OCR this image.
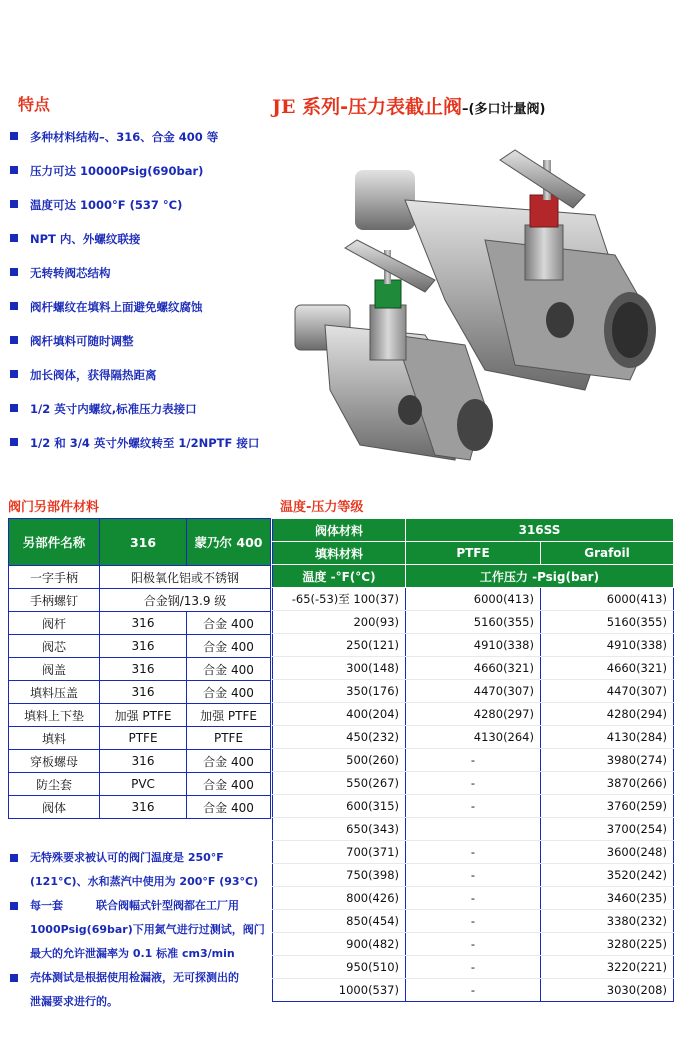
特点	JE 系列-压力表截止阀–(多口计量阀)
多种材料结构–、316、合金 400 等
压力可达 10000Psig(690bar)
温度可达 1000°F (537 °C)
NPT 内、外螺纹联接
无转转阀芯结构
阀杆螺纹在填料上面避免螺纹腐蚀
阀杆填料可随时调整
加长阀体，获得隔热距离
1/2 英寸内螺纹,标准压力表接口
1/2 和 3/4 英寸外螺纹转至 1/2NPTF 接口
阀门另部件材料	温度-压力等级
另部件名称	316	蒙乃尔 400
一字手柄	阳极氧化铝或不锈钢	
手柄螺钉	合金钢/13.9 级	
阀杆	316	合金 400
阀芯	316	合金 400
阀盖	316	合金 400
填料压盖	316	合金 400
填料上下垫	加强 PTFE	加强 PTFE
填料	PTFE	PTFE
穿板螺母	316	合金 400
防尘套	PVC	合金 400
阀体	316	合金 400
阀体材料	316SS	
填料材料	PTFE	Grafoil
温度 -°F(°C)	工作压力 -Psig(bar)	
-65(-53)至 100(37)	6000(413)	6000(413)
200(93)	5160(355)	5160(355)
250(121)	4910(338)	4910(338)
300(148)	4660(321)	4660(321)
350(176)	4470(307)	4470(307)
400(204)	4280(297)	4280(294)
450(232)	4130(264)	4130(284)
500(260)	-	3980(274)
550(267)	-	3870(266)
600(315)	-	3760(259)
650(343)		3700(254)
700(371)	-	3600(248)
750(398)	-	3520(242)
800(426)	-	3460(235)
850(454)	-	3380(232)
900(482)	-	3280(225)
950(510)	-	3220(221)
1000(537)	-	3030(208)
无特殊要求被认可的阀门温度是 250°F
(121°C)、水和蒸汽中使用为 200°F (93°C)
每一套　　　联合阀幅式针型阀都在工厂用
1000Psig(69bar)下用氮气进行过测试，阀门
最大的允许泄漏率为 0.1 标准 cm3/min
壳体测试是根据使用检漏液，无可探测出的
泄漏要求进行的。
